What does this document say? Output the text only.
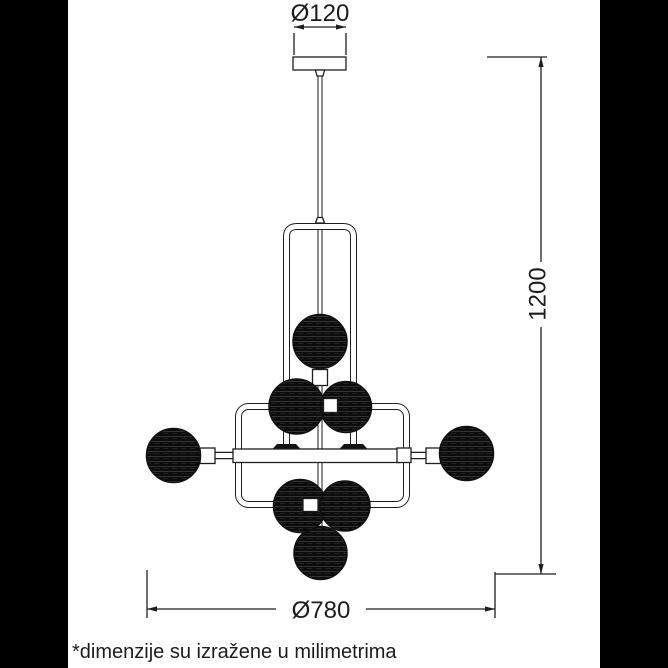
Ø120
1200
Ø780
*dimenzije su izražene u milimetrima
